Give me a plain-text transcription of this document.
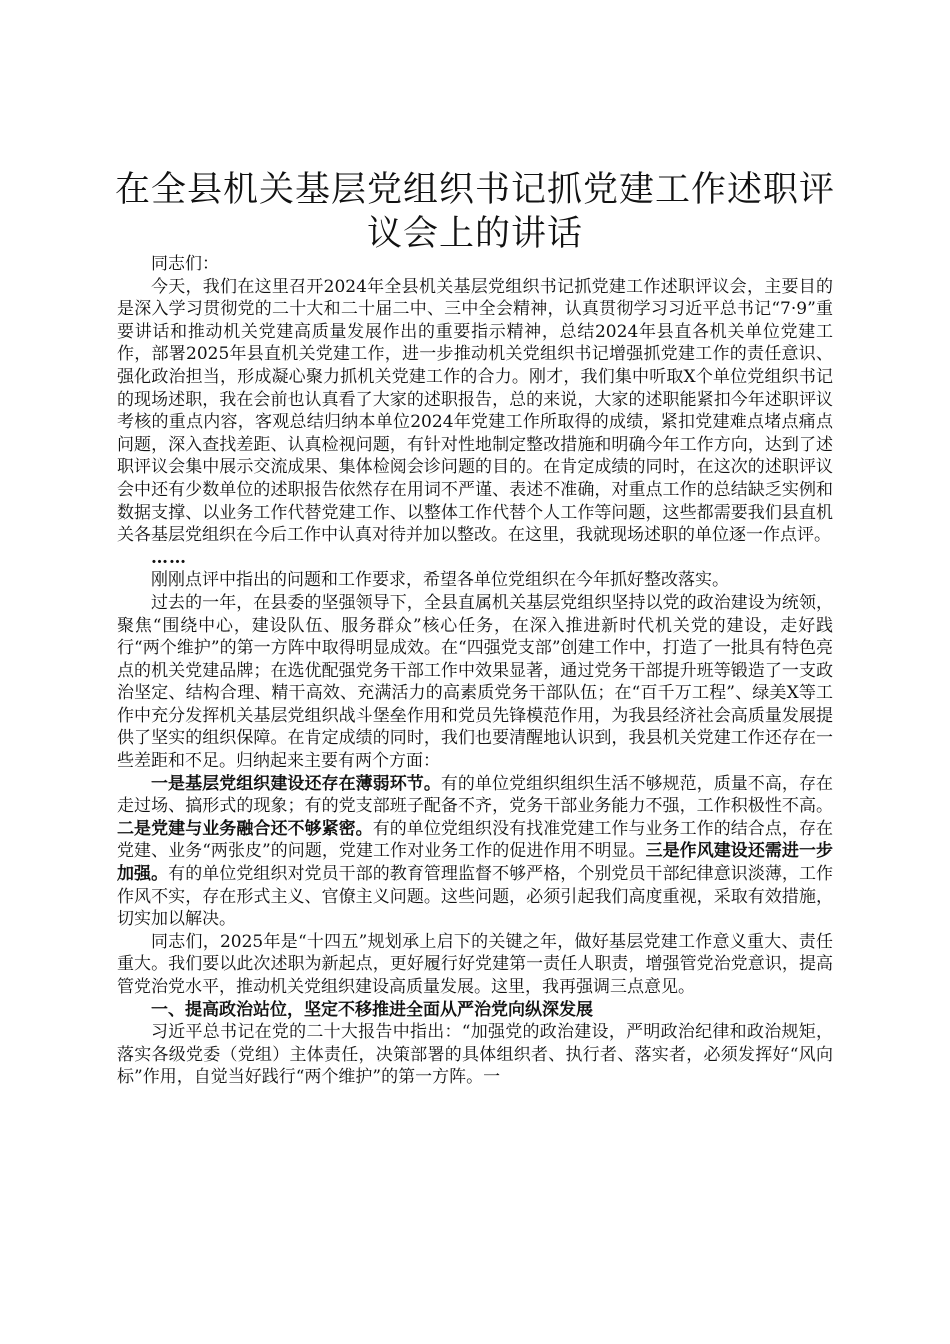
在全县机关基层党组织书记抓党建工作述职评议会上的讲话

同志们：

今天，我们在这里召开2024年全县机关基层党组织书记抓党建工作述职评议会，主要目的是深入学习贯彻党的二十大和二十届二中、三中全会精神，认真贯彻学习习近平总书记“7·9”重要讲话和推动机关党建高质量发展作出的重要指示精神，总结2024年县直各机关单位党建工作，部署2025年县直机关党建工作，进一步推动机关党组织书记增强抓党建工作的责任意识、强化政治担当，形成凝心聚力抓机关党建工作的合力。刚才，我们集中听取X个单位党组织书记的现场述职，我在会前也认真看了大家的述职报告，总的来说，大家的述职能紧扣今年述职评议考核的重点内容，客观总结归纳本单位2024年党建工作所取得的成绩，紧扣党建难点堵点痛点问题，深入查找差距、认真检视问题，有针对性地制定整改措施和明确今年工作方向，达到了述职评议会集中展示交流成果、集体检阅会诊问题的目的。在肯定成绩的同时，在这次的述职评议会中还有少数单位的述职报告依然存在用词不严谨、表述不准确，对重点工作的总结缺乏实例和数据支撑、以业务工作代替党建工作、以整体工作代替个人工作等问题，这些都需要我们县直机关各基层党组织在今后工作中认真对待并加以整改。在这里，我就现场述职的单位逐一作点评。

……

刚刚点评中指出的问题和工作要求，希望各单位党组织在今年抓好整改落实。

过去的一年，在县委的坚强领导下，全县直属机关基层党组织坚持以党的政治建设为统领，聚焦“围绕中心，建设队伍、服务群众”核心任务，在深入推进新时代机关党的建设，走好践行“两个维护”的第一方阵中取得明显成效。在“四强党支部”创建工作中，打造了一批具有特色亮点的机关党建品牌；在选优配强党务干部工作中效果显著，通过党务干部提升班等锻造了一支政治坚定、结构合理、精干高效、充满活力的高素质党务干部队伍；在“百千万工程”、绿美X等工作中充分发挥机关基层党组织战斗堡垒作用和党员先锋模范作用，为我县经济社会高质量发展提供了坚实的组织保障。在肯定成绩的同时，我们也要清醒地认识到，我县机关党建工作还存在一些差距和不足。归纳起来主要有两个方面：

一是基层党组织建设还存在薄弱环节。有的单位党组织组织生活不够规范，质量不高，存在走过场、搞形式的现象；有的党支部班子配备不齐，党务干部业务能力不强，工作积极性不高。二是党建与业务融合还不够紧密。有的单位党组织没有找准党建工作与业务工作的结合点，存在党建、业务“两张皮”的问题，党建工作对业务工作的促进作用不明显。三是作风建设还需进一步加强。有的单位党组织对党员干部的教育管理监督不够严格，个别党员干部纪律意识淡薄，工作作风不实，存在形式主义、官僚主义问题。这些问题，必须引起我们高度重视，采取有效措施，切实加以解决。

同志们，2025年是“十四五”规划承上启下的关键之年，做好基层党建工作意义重大、责任重大。我们要以此次述职为新起点，更好履行好党建第一责任人职责，增强管党治党意识，提高管党治党水平，推动机关党组织建设高质量发展。这里，我再强调三点意见。

一、提高政治站位，坚定不移推进全面从严治党向纵深发展

习近平总书记在党的二十大报告中指出：“加强党的政治建设，严明政治纪律和政治规矩，落实各级党委（党组）主体责任，决策部署的具体组织者、执行者、落实者，必须发挥好“风向标”作用，自觉当好践行“两个维护”的第一方阵。一
